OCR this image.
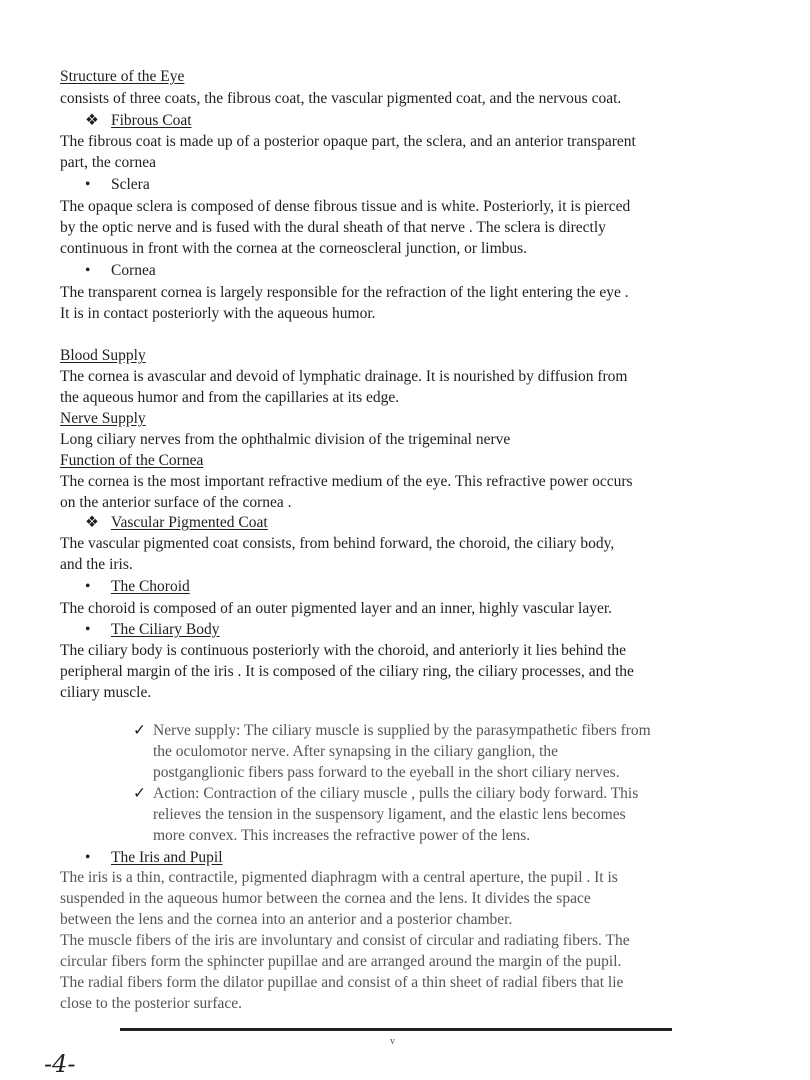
Structure of the Eye
consists of three coats, the fibrous coat, the vascular pigmented coat, and the nervous coat.
❖ Fibrous Coat
The fibrous coat is made up of a posterior opaque part, the sclera, and an anterior transparent
part, the cornea
• Sclera
The opaque sclera is composed of dense fibrous tissue and is white. Posteriorly, it is pierced
by the optic nerve and is fused with the dural sheath of that nerve . The sclera is directly
continuous in front with the cornea at the corneoscleral junction, or limbus.
• Cornea
The transparent cornea is largely responsible for the refraction of the light entering the eye .
It is in contact posteriorly with the aqueous humor.
Blood Supply
The cornea is avascular and devoid of lymphatic drainage. It is nourished by diffusion from
the aqueous humor and from the capillaries at its edge.
Nerve Supply
Long ciliary nerves from the ophthalmic division of the trigeminal nerve
Function of the Cornea
The cornea is the most important refractive medium of the eye. This refractive power occurs
on the anterior surface of the cornea .
❖ Vascular Pigmented Coat
The vascular pigmented coat consists, from behind forward, the choroid, the ciliary body,
and the iris.
• The Choroid
The choroid is composed of an outer pigmented layer and an inner, highly vascular layer.
• The Ciliary Body
The ciliary body is continuous posteriorly with the choroid, and anteriorly it lies behind the
peripheral margin of the iris . It is composed of the ciliary ring, the ciliary processes, and the
ciliary muscle.
✓ Nerve supply: The ciliary muscle is supplied by the parasympathetic fibers from
the oculomotor nerve. After synapsing in the ciliary ganglion, the
postganglionic fibers pass forward to the eyeball in the short ciliary nerves.
✓ Action: Contraction of the ciliary muscle , pulls the ciliary body forward. This
relieves the tension in the suspensory ligament, and the elastic lens becomes
more convex. This increases the refractive power of the lens.
• The Iris and Pupil
The iris is a thin, contractile, pigmented diaphragm with a central aperture, the pupil . It is
suspended in the aqueous humor between the cornea and the lens. It divides the space
between the lens and the cornea into an anterior and a posterior chamber.
The muscle fibers of the iris are involuntary and consist of circular and radiating fibers. The
circular fibers form the sphincter pupillae and are arranged around the margin of the pupil.
The radial fibers form the dilator pupillae and consist of a thin sheet of radial fibers that lie
close to the posterior surface.
v
-4-
